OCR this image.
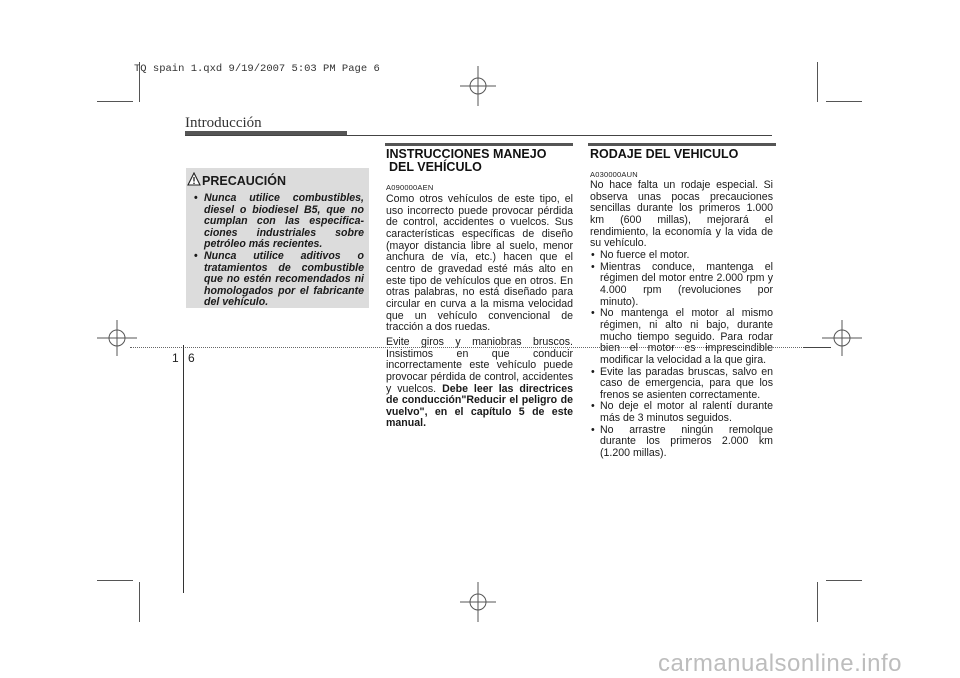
TQ spain 1.qxd 9/19/2007 5:03 PM Page 6
Introducción
PRECAUCIÓN
• Nunca utilice combustibles, diesel o biodiesel B5, que no cumplan con las especifica-ciones industriales sobre petróleo más recientes.
• Nunca utilice aditivos o tratamientos de combustible que no estén recomendados ni homologados por el fabricante del vehículo.
INSTRUCCIONES MANEJO
DEL VEHÍCULO
A090000AEN

Como otros vehículos de este tipo, el uso incorrecto puede provocar pérdida de control, accidentes o vuelcos. Sus características específicas de diseño (mayor distancia libre al suelo, menor anchura de vía, etc.) hacen que el centro de gravedad esté más alto en este tipo de vehículos que en otros. En otras palabras, no está diseñado para circular en curva a la misma velocidad que un vehículo convencional de tracción a dos ruedas.

Evite giros y maniobras bruscos. Insistimos en que conducir incorrectamente este vehículo puede provocar pérdida de control, accidentes y vuelcos. Debe leer las directrices de conducción"Reducir el peligro de vuelvo", en el capítulo 5 de este manual.

RODAJE DEL VEHICULO
A030000AUN

No hace falta un rodaje especial. Si observa unas pocas precauciones sencillas durante los primeros 1.000 km (600 millas), mejorará el rendimiento, la economía y la vida de su vehículo.

• No fuerce el motor.
• Mientras conduce, mantenga el régimen del motor entre 2.000 rpm y 4.000 rpm (revoluciones por minuto).
• No mantenga el motor al mismo régimen, ni alto ni bajo, durante mucho tiempo seguido. Para rodar bien el motor es imprescindible modificar la velocidad a la que gira.
• Evite las paradas bruscas, salvo en caso de emergencia, para que los frenos se asienten correctamente.
• No deje el motor al ralentí durante más de 3 minutos seguidos.
• No arrastre ningún remolque durante los primeros 2.000 km (1.200 millas).
1 6
carmanualsonline.info
